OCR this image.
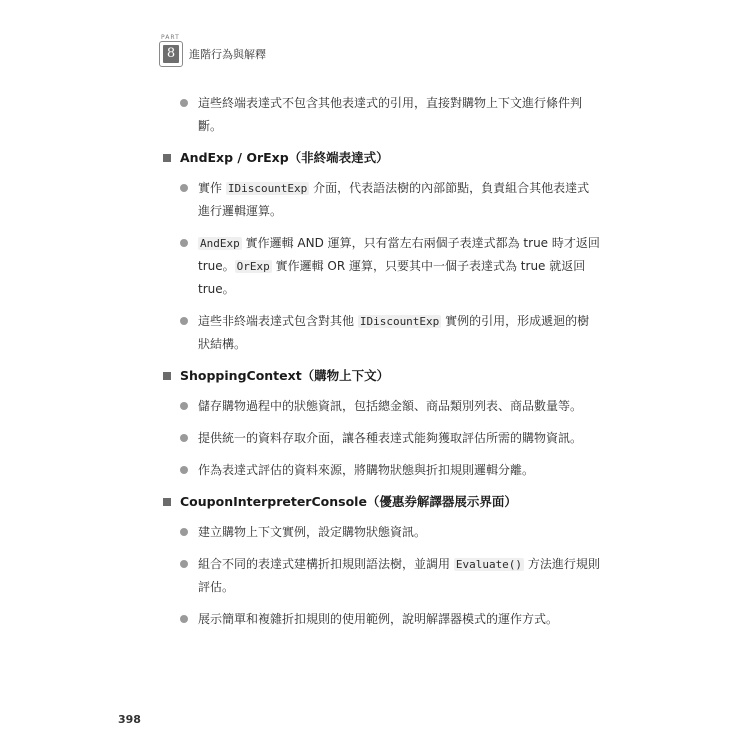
PART
8	進階行為與解釋
這些終端表達式不包含其他表達式的引用，直接對購物上下文進行條件判斷。
AndExp / OrExp（非終端表達式）
實作 IDiscountExp 介面，代表語法樹的內部節點，負責組合其他表達式進行邏輯運算。
AndExp 實作邏輯 AND 運算，只有當左右兩個子表達式都為 true 時才返回 true。 OrExp 實作邏輯 OR 運算，只要其中一個子表達式為 true 就返回 true。
這些非終端表達式包含對其他 IDiscountExp 實例的引用，形成遞迴的樹狀結構。
ShoppingContext（購物上下文）
儲存購物過程中的狀態資訊，包括總金額、商品類別列表、商品數量等。
提供統一的資料存取介面，讓各種表達式能夠獲取評估所需的購物資訊。
作為表達式評估的資料來源，將購物狀態與折扣規則邏輯分離。
CouponInterpreterConsole（優惠券解譯器展示界面）
建立購物上下文實例，設定購物狀態資訊。
組合不同的表達式建構折扣規則語法樹，並調用 Evaluate() 方法進行規則評估。
展示簡單和複雜折扣規則的使用範例，說明解譯器模式的運作方式。
398
